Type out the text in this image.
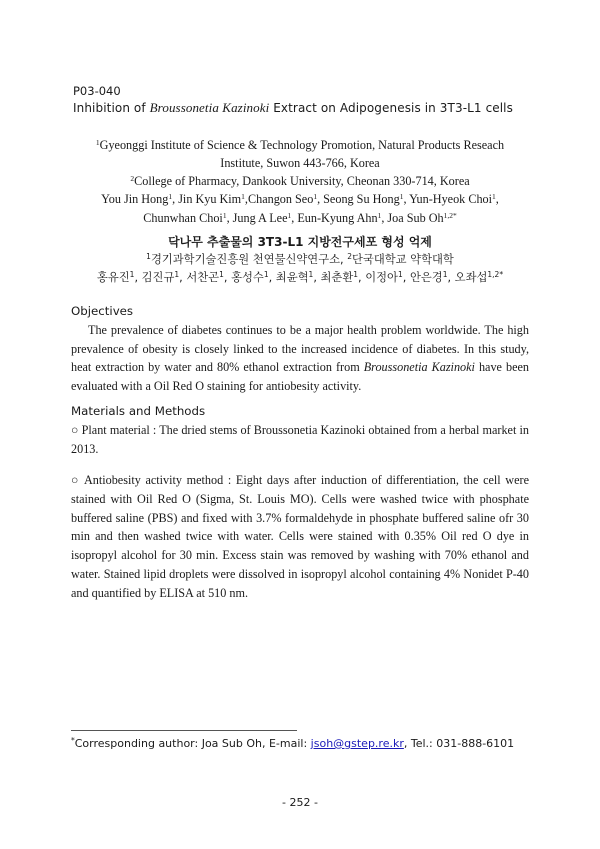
P03-040
Inhibition of Broussonetia Kazinoki Extract on Adipogenesis in 3T3-L1 cells
$^1$Gyeonggi Institute of Science & Technology Promotion, Natural Products Reseach
Institute, Suwon 443-766, Korea
$^2$College of Pharmacy, Dankook University, Cheonan 330-714, Korea
You Jin Hong$^1$, Jin Kyu Kim$^1$,Changon Seo$^1$, Seong Su Hong$^1$, Yun-Hyeok Choi$^1$,
Chunwhan Choi$^1$, Jung A Lee$^1$, Eun-Kyung Ahn$^1$, Joa Sub $Oh^{1,2*}$
닥나무 추출물의 3T3-L1 지방전구세포 형성 억제
$^1$경기과학기술진흥원 천연물신약연구소, $^2$단국대학교 약학대학
홍유진$^1$, 김진규$^1$, 서찬곤$^1$, 홍성수$^1$, 최윤혁$^1$, 최춘환$^1$, 이정아$^1$, 안은경$^1$, 오좌섭$^{1,2*}$
Objectives
The prevalence of diabetes continues to be a major health problem worldwide. The high prevalence of obesity is closely linked to the increased incidence of diabetes. In this study, heat extraction by water and 80% ethanol extraction from Broussonetia Kazinoki have been evaluated with a Oil Red O staining for antiobesity activity.
Materials and Methods
○ Plant material : The dried stems of Broussonetia Kazinoki obtained from a herbal market in 2013.
○ Antiobesity activity method : Eight days after induction of differentiation, the cell were stained with Oil Red O (Sigma, St. Louis MO). Cells were washed twice with phosphate buffered saline (PBS) and fixed with 3.7% formaldehyde in phosphate buffered saline ofr 30 min and then washed twice with water. Cells were stained with 0.35% Oil red O dye in isopropyl alcohol for 30 min. Excess stain was removed by washing with 70% ethanol and water. Stained lipid droplets were dissolved in isopropyl alcohol containing 4% Nonidet P-40 and quantified by ELISA at 510 nm.
*Corresponding author: Joa Sub Oh, E-mail: jsoh@gstep.re.kr, Tel.: 031-888-6101
- 252 -
